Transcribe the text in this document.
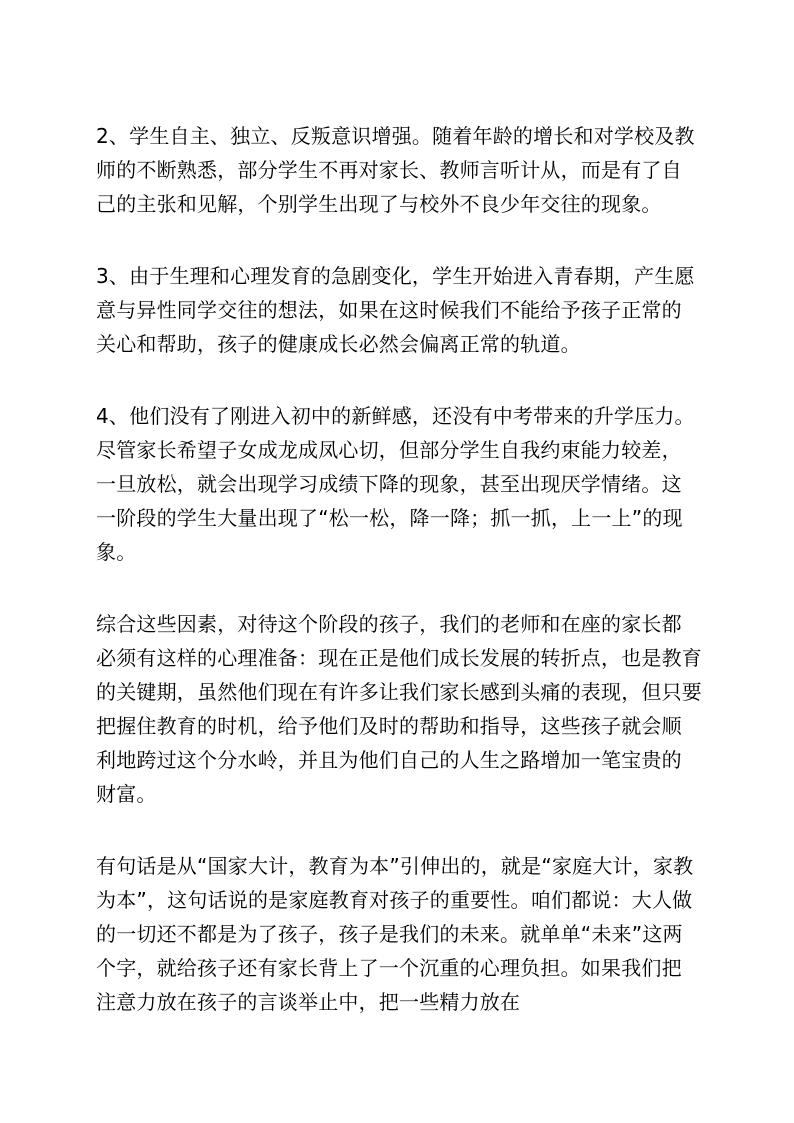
2、学生自主、独立、反叛意识增强。随着年龄的增长和对学校及教
师的不断熟悉，部分学生不再对家长、教师言听计从，而是有了自
己的主张和见解，个别学生出现了与校外不良少年交往的现象。

3、由于生理和心理发育的急剧变化，学生开始进入青春期，产生愿
意与异性同学交往的想法，如果在这时候我们不能给予孩子正常的
关心和帮助，孩子的健康成长必然会偏离正常的轨道。

4、他们没有了刚进入初中的新鲜感，还没有中考带来的升学压力。
尽管家长希望子女成龙成凤心切，但部分学生自我约束能力较差，
一旦放松，就会出现学习成绩下降的现象，甚至出现厌学情绪。这
一阶段的学生大量出现了“松一松，降一降；抓一抓，上一上”的现
象。

综合这些因素，对待这个阶段的孩子，我们的老师和在座的家长都
必须有这样的心理准备：现在正是他们成长发展的转折点，也是教育
的关键期，虽然他们现在有许多让我们家长感到头痛的表现，但只要
把握住教育的时机，给予他们及时的帮助和指导，这些孩子就会顺
利地跨过这个分水岭，并且为他们自己的人生之路增加一笔宝贵的
财富。

有句话是从“国家大计，教育为本”引伸出的，就是“家庭大计，家教
为本”，这句话说的是家庭教育对孩子的重要性。咱们都说：大人做
的一切还不都是为了孩子，孩子是我们的未来。就单单“未来”这两
个字，就给孩子还有家长背上了一个沉重的心理负担。如果我们把
注意力放在孩子的言谈举止中，把一些精力放在
